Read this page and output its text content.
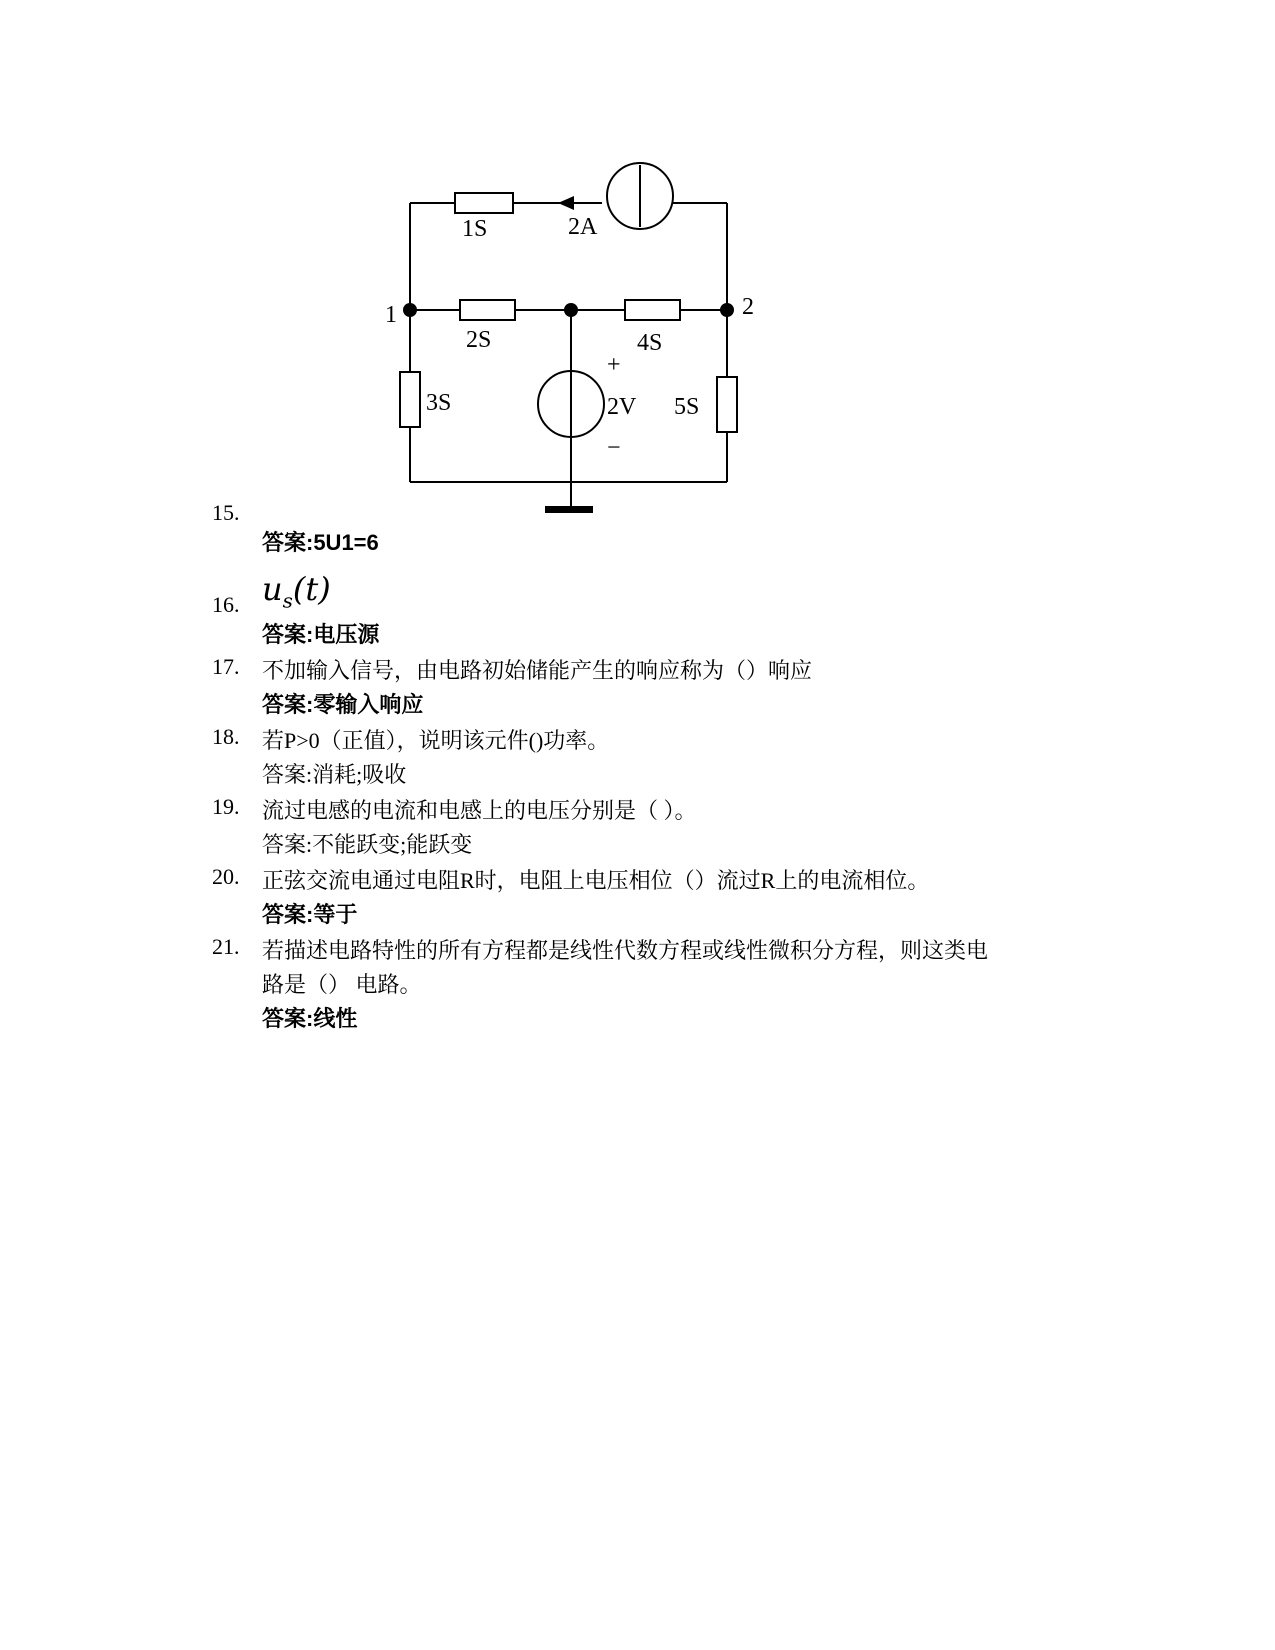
1S	2A
1	2
2S	4S
3S	2V 5S
+
−
15.
答案:5U1=6
$u_s(t)$
16.
答案:电压源
17. 不加输入信号，由电路初始储能产生的响应称为（）响应
答案:零输入响应
18. 若P>0（正值），说明该元件()功率。
答案:消耗;吸收
19. 流过电感的电流和电感上的电压分别是（ ）。
答案:不能跃变;能跃变
20. 正弦交流电通过电阻R时，电阻上电压相位（）流过R上的电流相位。
答案:等于
21. 若描述电路特性的所有方程都是线性代数方程或线性微积分方程，则这类电
路是（） 电路。
答案:线性
